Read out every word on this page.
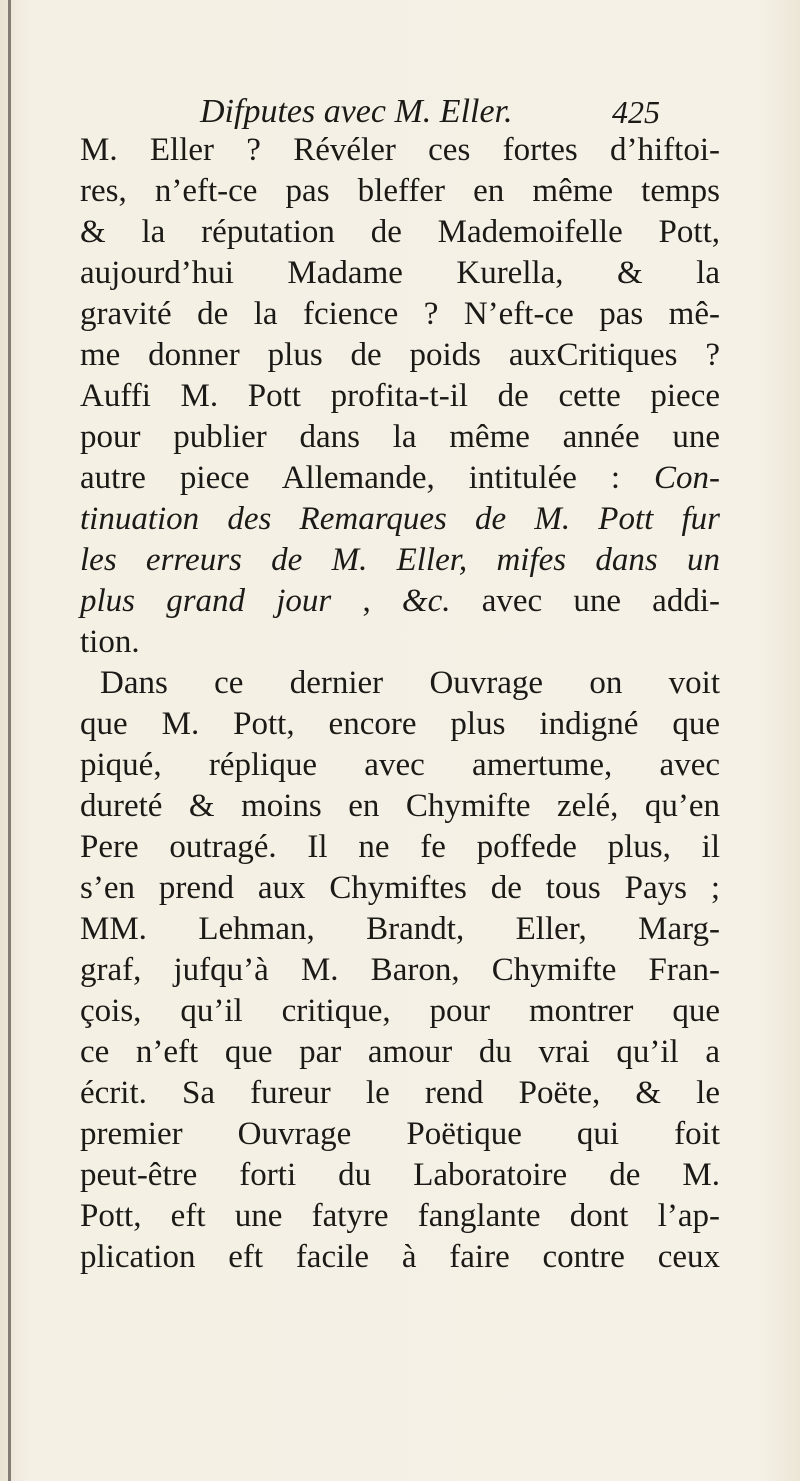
Difputes avec M. Eller.	425
M. Eller ? Révéler ces fortes d’hiftoi-
res, n’eft-ce pas bleffer en même temps
& la réputation de Mademoifelle Pott,
aujourd’hui Madame Kurella, & la
gravité de la fcience ? N’eft-ce pas mê-
me donner plus de poids auxCritiques ?
Auffi M. Pott profita-t-il de cette piece
pour publier dans la même année une
autre piece Allemande, intitulée : Con-
tinuation des Remarques de M. Pott fur
les erreurs de M. Eller, mifes dans un
plus grand jour , &c. avec une addi-
tion.
Dans ce dernier Ouvrage on voit
que M. Pott, encore plus indigné que
piqué, réplique avec amertume, avec
dureté & moins en Chymifte zelé, qu’en
Pere outragé. Il ne fe poffede plus, il
s’en prend aux Chymiftes de tous Pays ;
MM. Lehman, Brandt, Eller, Marg-
graf, jufqu’à M. Baron, Chymifte Fran-
çois, qu’il critique, pour montrer que
ce n’eft que par amour du vrai qu’il a
écrit. Sa fureur le rend Poëte, & le
premier Ouvrage Poëtique qui foit
peut-être forti du Laboratoire de M.
Pott, eft une fatyre fanglante dont l’ap-
plication eft facile à faire contre ceux
